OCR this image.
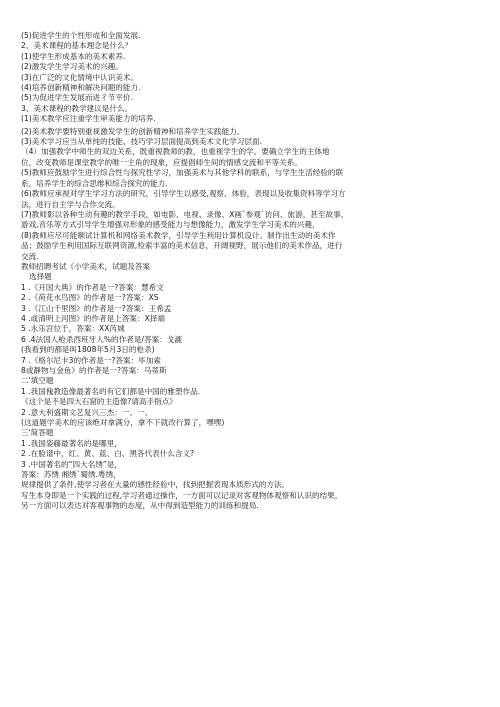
(5)促进学生的个性形成和全面发展.
2、美术课程的基本理念是什么？
(1)使学生形成基本的美术素养.
(2)激发学生学习美术的兴趣。
(3)在广泛的文化情境中认识美术。
(4)培养创新精神和解决问题的能力.
(5)为促进学生发展而进彳节平价.
3、美术课程的教学建议是什么。
(1)美术教学应注重学生审美能力的培养.
(2)美术教学要特别重视激发学生的创新精神和培养学生实践能力。
(3)美术学习应当从单纯的技能、技巧学习层面提高到美术文化学习层面.
（4）加强教学中师生的双边关系，既重视教师的教，也重视学生的学。要确立学生的主体地
位，改变教师是课堂教学的唯一主角的现象，应提倡师生间的情感交流和平等关系。
(5)教师应鼓励学生进行综合性与探究性学习，加强美术与其他学科的联系，与学生生活经验的联
系，培养学生的综合思维和综合探究的能力.
(6)教师应承视对学生学习方法的研究，引导学生以感受,观察、体验，表现以及收集资料等学习方
法，进行自主学与合作交流。
(7)教师影以各种生动有趣的教学手段，如电影、电视、录像、X画`参观`访问、旅游，甚至故事、
游戏,音乐等方式引导学生增强对形象的感受能力与想像能力，激发学生学习美术的兴趣，
(8)教师应尽可能顺试计算机和网络美术教学，引导学生利用计算机设计、制作出生动的美术作
品；鼓励学生利用国际互联网资源,检索丰富的美术信息，开阔视野，展示他们的美术作品，进行
交流.
教师招聘考试《小学美术，试题及答案
选择题
1 .《开国大典》的作者是一?答案：慧希文
2 .《荷花水鸟图》的作者是一?答案：XS
3 .《江山千里图》的作者是一?答案：王希孟
4 .或清明上河图》的作者是上答案：X择端
5 .永乐宫位于，答案：XX芮城
6 .4法国人枪杀西班牙人%的作者是/答案：戈漉
(我看到的都是叫1808年5月3日的枪杀)
7 .《格尔尼卡3的作者是一?答案：毕加索
8或静物与金鱼》的作者是一?答案：马蒂斯
二'填空题
1 .我国傀教造像最著名的有它们都是中国的雅塑作品.
《这个是不是四大石窟的主造像?请高手指点》
2 .意大利盛期文艺复兴三杰：一、一、
(这道题学美术的应该绝对拿满分，拿不下就改行算了，嘿嘿)
三'简答题
1 .我国姿藤最著名的是哪里，
2 .在脸谱中，红、黄、蓝、白、黑各代表什么含义?
3 .中国著名的“四大名绣”是，
答案：苏绣 湘绣`蜀绣.粤绣，
规律提供了条件,使学习者在大量的感性经验中，找到把握表现本质形式的方法。
写生本身即是一个实践的过程,学习者通过操作，一方面可以记录对客观物体观察和认识的结果，
另一方面可以表达对客观事物的态度，从中得到造型能力的训练和提局.
